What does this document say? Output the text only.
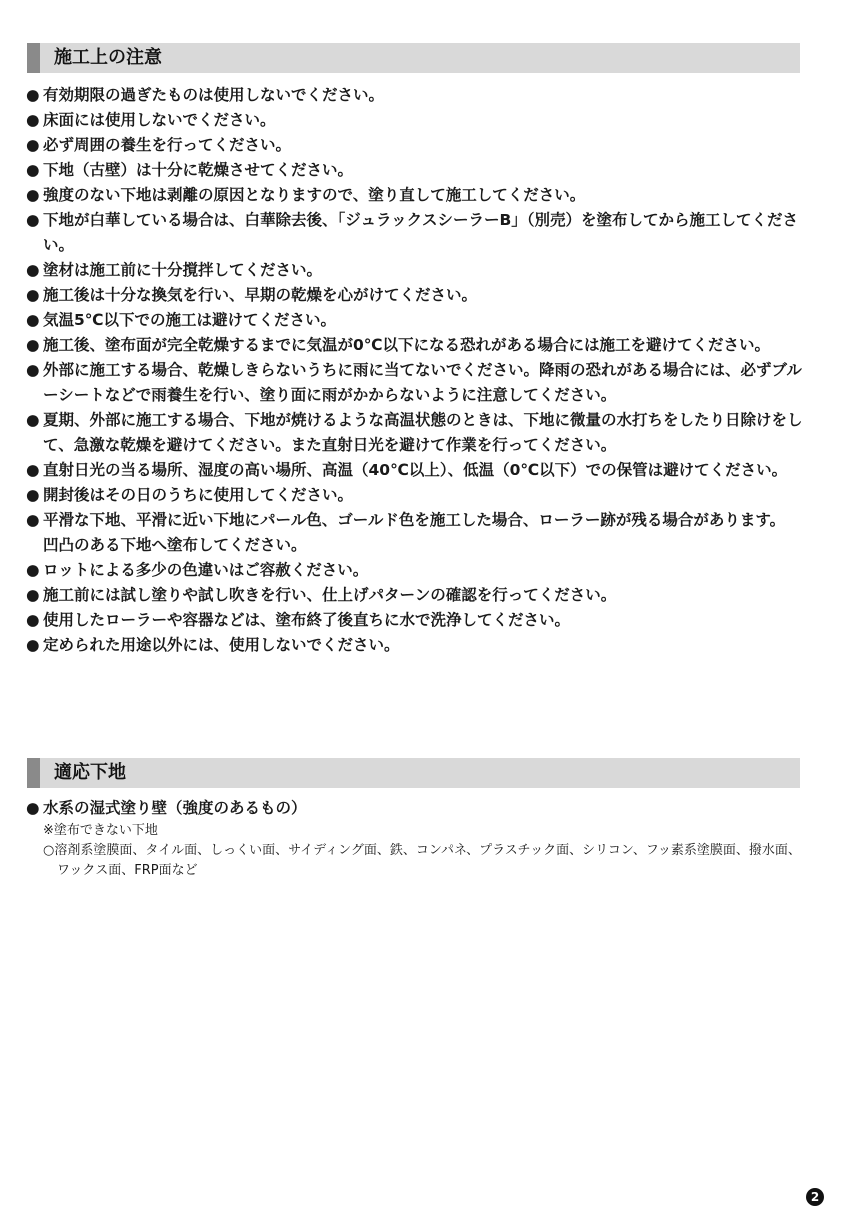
施工上の注意
● 有効期限の過ぎたものは使用しないでください。
● 床面には使用しないでください。
● 必ず周囲の養生を行ってください。
● 下地（古壁）は十分に乾燥させてください。
● 強度のない下地は剥離の原因となりますので、塗り直して施工してください。
● 下地が白華している場合は、白華除去後、「ジュラックスシーラーB」（別売）を塗布してから施工してください。
● 塗材は施工前に十分撹拌してください。
● 施工後は十分な換気を行い、早期の乾燥を心がけてください。
● 気温5℃以下での施工は避けてください。
● 施工後、塗布面が完全乾燥するまでに気温が0℃以下になる恐れがある場合には施工を避けてください。
● 外部に施工する場合、乾燥しきらないうちに雨に当てないでください。降雨の恐れがある場合には、必ずブルーシートなどで雨養生を行い、塗り面に雨がかからないように注意してください。
● 夏期、外部に施工する場合、下地が焼けるような高温状態のときは、下地に微量の水打ちをしたり日除けをして、急激な乾燥を避けてください。また直射日光を避けて作業を行ってください。
● 直射日光の当る場所、湿度の高い場所、高温（40℃以上）、低温（0℃以下）での保管は避けてください。
● 開封後はその日のうちに使用してください。
● 平滑な下地、平滑に近い下地にパール色、ゴールド色を施工した場合、ローラー跡が残る場合があります。
凹凸のある下地へ塗布してください。
● ロットによる多少の色違いはご容赦ください。
● 施工前には試し塗りや試し吹きを行い、仕上げパターンの確認を行ってください。
● 使用したローラーや容器などは、塗布終了後直ちに水で洗浄してください。
● 定められた用途以外には、使用しないでください。
適応下地
● 水系の湿式塗り壁（強度のあるもの）
※塗布できない下地
○溶剤系塗膜面、タイル面、しっくい面、サイディング面、鉄、コンパネ、プラスチック面、シリコン、フッ素系塗膜面、撥水面、ワックス面、FRP面など
2
